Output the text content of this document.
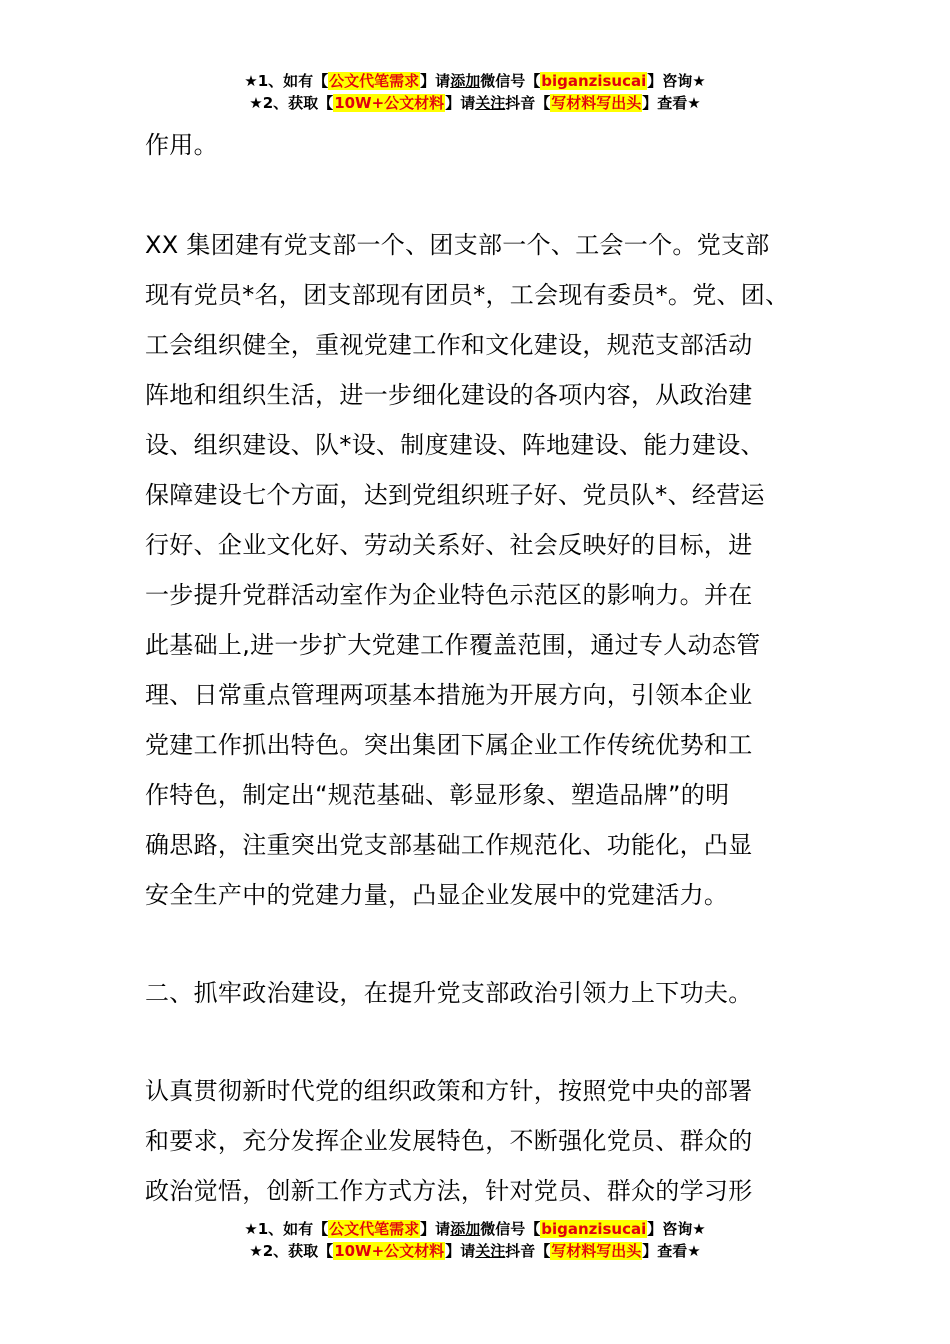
★1、如有【公文代笔需求】请添加微信号【biganzisucai】咨询★
★2、获取【10W+公文材料】请关注抖音【写材料写出头】查看★

作用。

XX 集团建有党支部一个、团支部一个、工会一个。党支部
现有党员*名，团支部现有团员*，工会现有委员*。党、团、
工会组织健全，重视党建工作和文化建设，规范支部活动
阵地和组织生活，进一步细化建设的各项内容，从政治建
设、组织建设、队*设、制度建设、阵地建设、能力建设、
保障建设七个方面，达到党组织班子好、党员队*、经营运
行好、企业文化好、劳动关系好、社会反映好的目标，进
一步提升党群活动室作为企业特色示范区的影响力。并在
此基础上,进一步扩大党建工作覆盖范围，通过专人动态管
理、日常重点管理两项基本措施为开展方向，引领本企业
党建工作抓出特色。突出集团下属企业工作传统优势和工
作特色，制定出“规范基础、彰显形象、塑造品牌”的明
确思路，注重突出党支部基础工作规范化、功能化，凸显
安全生产中的党建力量，凸显企业发展中的党建活力。
二、抓牢政治建设，在提升党支部政治引领力上下功夫。
认真贯彻新时代党的组织政策和方针，按照党中央的部署
和要求，充分发挥企业发展特色，不断强化党员、群众的
政治觉悟，创新工作方式方法，针对党员、群众的学习形
★1、如有【公文代笔需求】请添加微信号【biganzisucai】咨询★
★2、获取【10W+公文材料】请关注抖音【写材料写出头】查看★
